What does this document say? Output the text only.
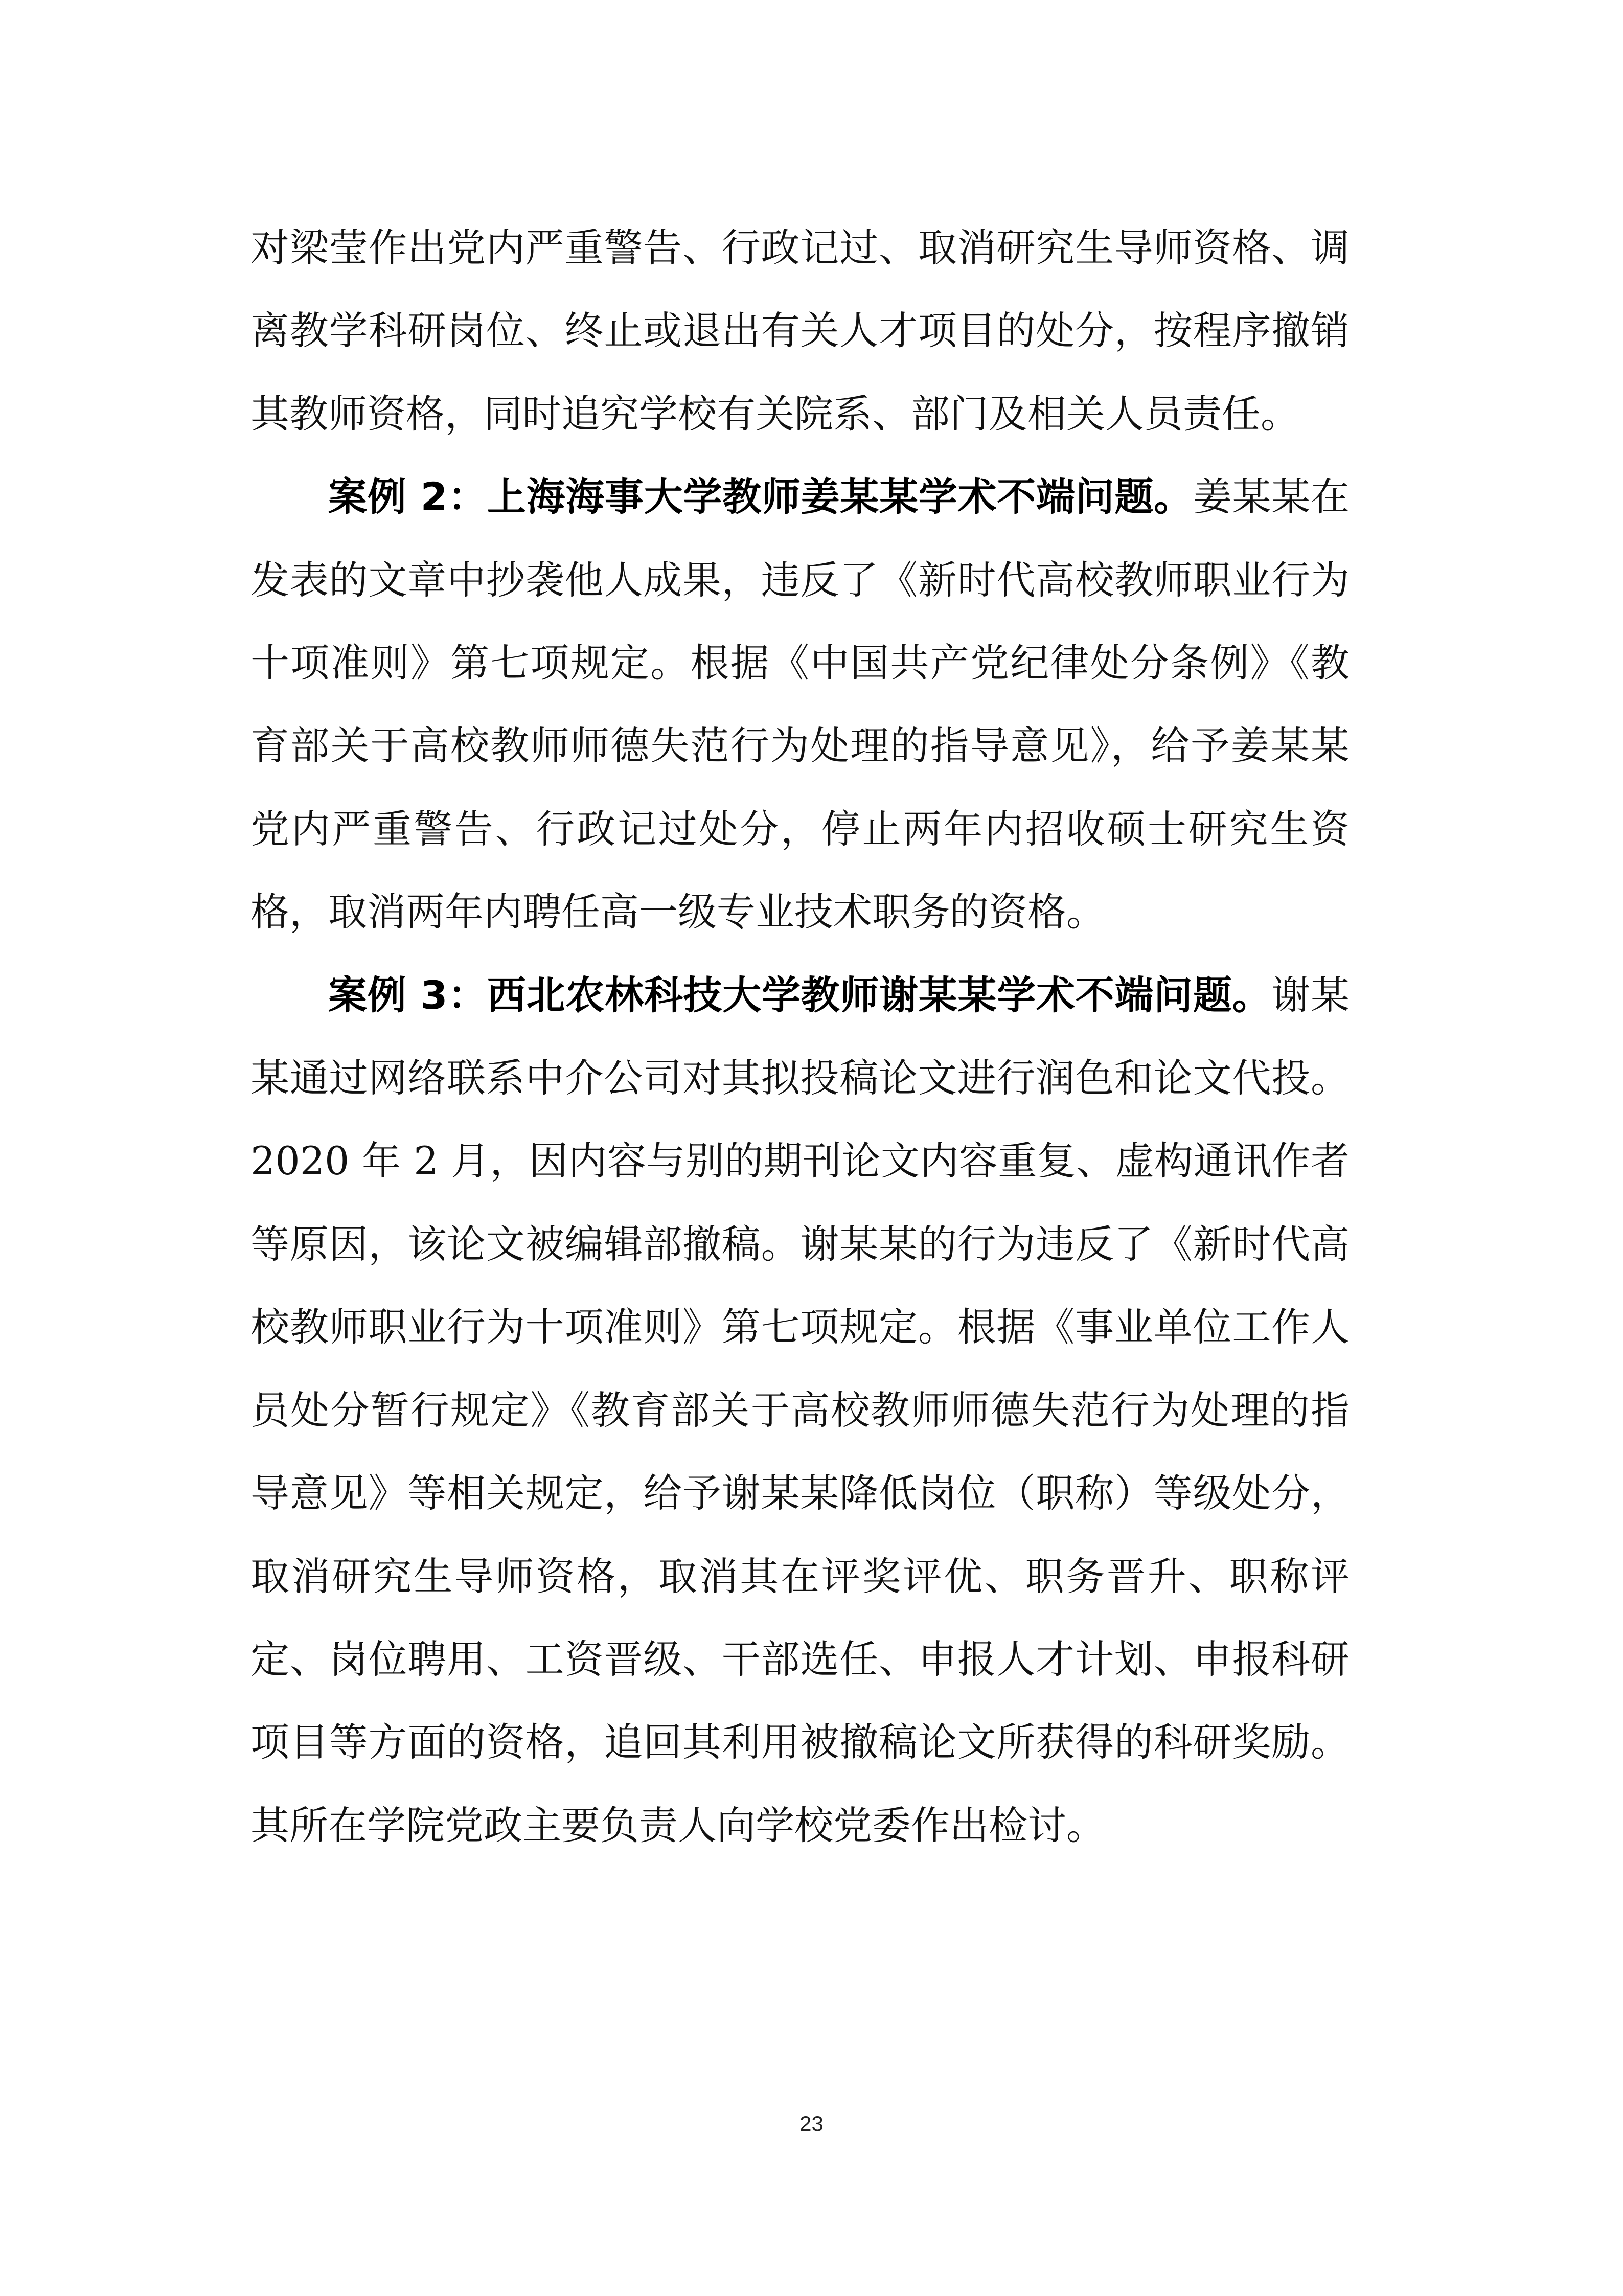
对梁莹作出党内严重警告、行政记过、取消研究生导师资格、调离教学科研岗位、终止或退出有关人才项目的处分，按程序撤销其教师资格，同时追究学校有关院系、部门及相关人员责任。

案例 2：上海海事大学教师姜某某学术不端问题。姜某某在发表的文章中抄袭他人成果，违反了《新时代高校教师职业行为十项准则》第七项规定。根据《中国共产党纪律处分条例》《教育部关于高校教师师德失范行为处理的指导意见》，给予姜某某党内严重警告、行政记过处分，停止两年内招收硕士研究生资格，取消两年内聘任高一级专业技术职务的资格。

案例 3：西北农林科技大学教师谢某某学术不端问题。谢某某通过网络联系中介公司对其拟投稿论文进行润色和论文代投。2020 年 2 月，因内容与别的期刊论文内容重复、虚构通讯作者等原因，该论文被编辑部撤稿。谢某某的行为违反了《新时代高校教师职业行为十项准则》第七项规定。根据《事业单位工作人员处分暂行规定》《教育部关于高校教师师德失范行为处理的指导意见》等相关规定，给予谢某某降低岗位（职称）等级处分，取消研究生导师资格，取消其在评奖评优、职务晋升、职称评定、岗位聘用、工资晋级、干部选任、申报人才计划、申报科研项目等方面的资格，追回其利用被撤稿论文所获得的科研奖励。其所在学院党政主要负责人向学校党委作出检讨。

23
